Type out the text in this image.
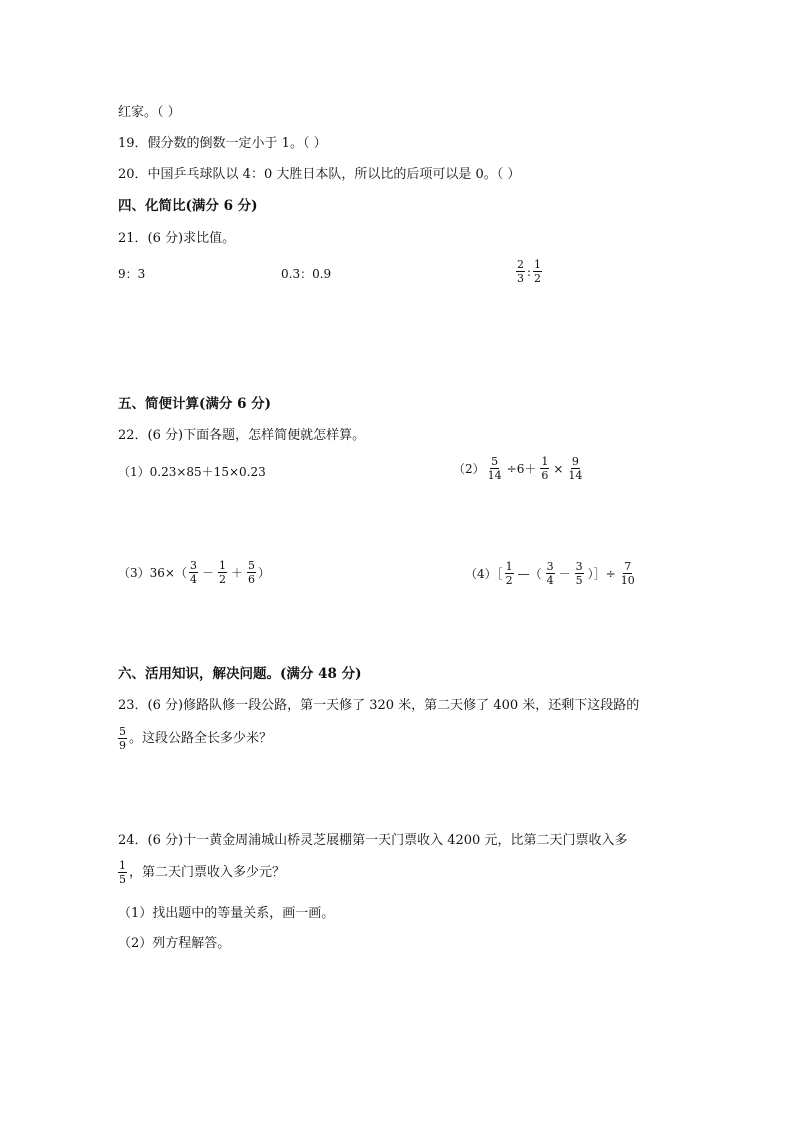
红家。（ ）
19．假分数的倒数一定小于 1。（ ）
20．中国乒乓球队以 4：0 大胜日本队，所以比的后项可以是 0。（ ）
四、化简比(满分 6 分)
21．(6 分)求比值。
9：3	0.3：0.9	$\frac{2}{3}$ : $\frac{1}{2}$
五、简便计算(满分 6 分)
22．(6 分)下面各题，怎样简便就怎样算。
（1）0.23×85＋15×0.23	$(2) \frac{5}{14} \div 6+ \frac{1}{6} \times \frac{9}{14}$
$(3)36\times( \frac{3}{4} - \frac{1}{2} + \frac{5}{6}$ ）	（4）［ $\frac{1}{2}$ —（ $\frac{3}{4} - \frac{3}{5}$ ）］÷ $\frac{7}{10}$
六、活用知识，解决问题。(满分 48 分)
23．(6 分)修路队修一段公路，第一天修了 320 米，第二天修了 400 米，还剩下这段路的
$\frac{5}{9}$ 。这段公路全长多少米？
24．(6 分)十一黄金周浦城山桥灵芝展棚第一天门票收入 4200 元，比第二天门票收入多
$\frac{1}{5}$ ，第二天门票收入多少元？
（1）找出题中的等量关系，画一画。
（2）列方程解答。
